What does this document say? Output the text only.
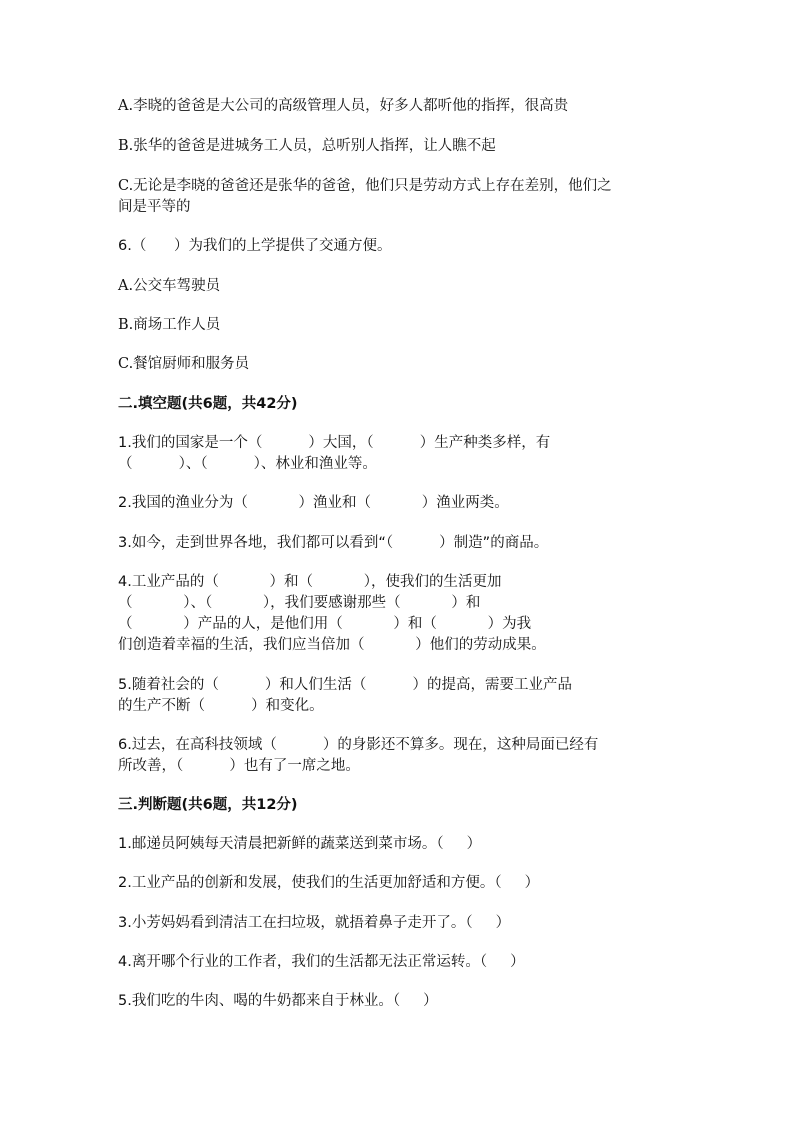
A.李晓的爸爸是大公司的高级管理人员，好多人都听他的指挥，很高贵

B.张华的爸爸是进城务工人员，总听别人指挥，让人瞧不起

C.无论是李晓的爸爸还是张华的爸爸，他们只是劳动方式上存在差别，他们之

间是平等的

6.（      ）为我们的上学提供了交通方便。

A.公交车驾驶员

B.商场工作人员

C.餐馆厨师和服务员

二.填空题(共6题，共42分)

1.我们的国家是一个（          ）大国，（          ）生产种类多样，有

（          ）、（          ）、林业和渔业等。

2.我国的渔业分为（           ）渔业和（           ）渔业两类。

3.如今，走到世界各地，我们都可以看到“（          ）制造”的商品。

4.工业产品的（           ）和（           ），使我们的生活更加

（           ）、（           ），我们要感谢那些（           ）和

（           ）产品的人，是他们用（           ）和（           ）为我

们创造着幸福的生活，我们应当倍加（           ）他们的劳动成果。

5.随着社会的（          ）和人们生活（          ）的提高，需要工业产品

的生产不断（          ）和变化。

6.过去，在高科技领域（          ）的身影还不算多。现在，这种局面已经有

所改善，（          ）也有了一席之地。

三.判断题(共6题，共12分)

1.邮递员阿姨每天清晨把新鲜的蔬菜送到菜市场。（     ）

2.工业产品的创新和发展，使我们的生活更加舒适和方便。（     ）

3.小芳妈妈看到清洁工在扫垃圾，就捂着鼻子走开了。（     ）

4.离开哪个行业的工作者，我们的生活都无法正常运转。（     ）

5.我们吃的牛肉、喝的牛奶都来自于林业。（     ）
